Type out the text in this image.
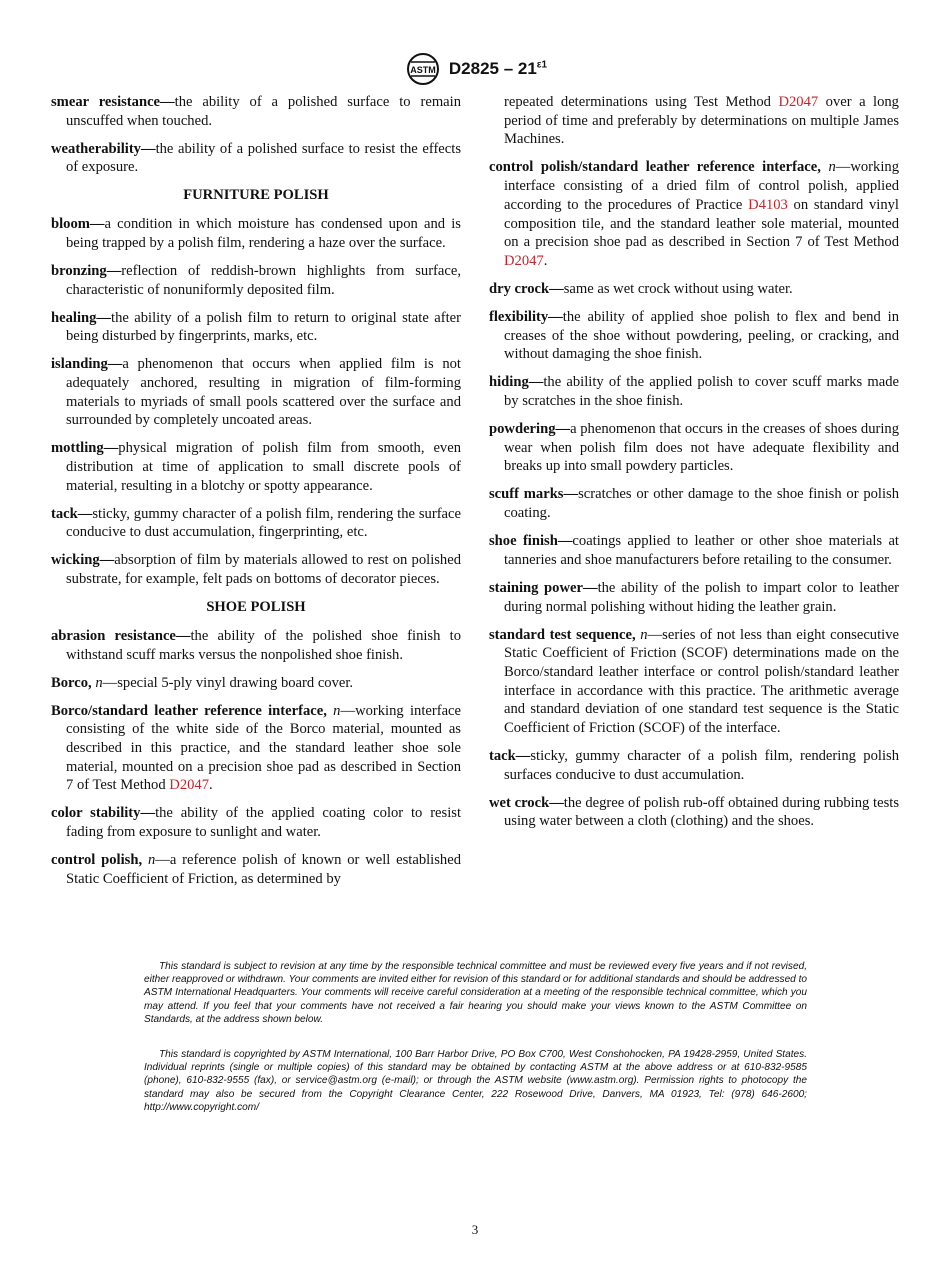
ASTM $D2825 - 21^{\varepsilon 1}$

smear resistance—the ability of a polished surface to remain unscuffed when touched.

weatherability—the ability of a polished surface to resist the effects of exposure.

FURNITURE POLISH

bloom—a condition in which moisture has condensed upon and is being trapped by a polish film, rendering a haze over the surface.

bronzing—reflection of reddish-brown highlights from surface, characteristic of nonuniformly deposited film.

healing—the ability of a polish film to return to original state after being disturbed by fingerprints, marks, etc.

islanding—a phenomenon that occurs when applied film is not adequately anchored, resulting in migration of film-forming materials to myriads of small pools scattered over the surface and surrounded by completely uncoated areas.

mottling—physical migration of polish film from smooth, even distribution at time of application to small discrete pools of material, resulting in a blotchy or spotty appearance.

tack—sticky, gummy character of a polish film, rendering the surface conducive to dust accumulation, fingerprinting, etc.

wicking—absorption of film by materials allowed to rest on polished substrate, for example, felt pads on bottoms of decorator pieces.

SHOE POLISH

abrasion resistance—the ability of the polished shoe finish to withstand scuff marks versus the nonpolished shoe finish.

Borco, n—special 5-ply vinyl drawing board cover.

Borco/standard leather reference interface, n—working interface consisting of the white side of the Borco material, mounted as described in this practice, and the standard leather shoe sole material, mounted on a precision shoe pad as described in Section 7 of Test Method D2047.

color stability—the ability of the applied coating color to resist fading from exposure to sunlight and water.

control polish, n—a reference polish of known or well established Static Coefficient of Friction, as determined by

repeated determinations using Test Method D2047 over a long period of time and preferably by determinations on multiple James Machines.

control polish/standard leather reference interface, n—working interface consisting of a dried film of control polish, applied according to the procedures of Practice D4103 on standard vinyl composition tile, and the standard leather sole material, mounted on a precision shoe pad as described in Section 7 of Test Method D2047.

dry crock—same as wet crock without using water.

flexibility—the ability of applied shoe polish to flex and bend in creases of the shoe without powdering, peeling, or cracking, and without damaging the shoe finish.

hiding—the ability of the applied polish to cover scuff marks made by scratches in the shoe finish.

powdering—a phenomenon that occurs in the creases of shoes during wear when polish film does not have adequate flexibility and breaks up into small powdery particles.

scuff marks—scratches or other damage to the shoe finish or polish coating.

shoe finish—coatings applied to leather or other shoe materials at tanneries and shoe manufacturers before retailing to the consumer.

staining power—the ability of the polish to impart color to leather during normal polishing without hiding the leather grain.

standard test sequence, n—series of not less than eight consecutive Static Coefficient of Friction (SCOF) determinations made on the Borco/standard leather interface or control polish/standard leather interface in accordance with this practice. The arithmetic average and standard deviation of one standard test sequence is the Static Coefficient of Friction (SCOF) of the interface.

tack—sticky, gummy character of a polish film, rendering polish surfaces conducive to dust accumulation.

wet crock—the degree of polish rub-off obtained during rubbing tests using water between a cloth (clothing) and the shoes.

This standard is subject to revision at any time by the responsible technical committee and must be reviewed every five years and if not revised, either reapproved or withdrawn. Your comments are invited either for revision of this standard or for additional standards and should be addressed to ASTM International Headquarters. Your comments will receive careful consideration at a meeting of the responsible technical committee, which you may attend. If you feel that your comments have not received a fair hearing you should make your views known to the ASTM Committee on Standards, at the address shown below.

This standard is copyrighted by ASTM International, 100 Barr Harbor Drive, PO Box C700, West Conshohocken, PA 19428-2959, United States. Individual reprints (single or multiple copies) of this standard may be obtained by contacting ASTM at the above address or at 610-832-9585 (phone), 610-832-9555 (fax), or service@astm.org (e-mail); or through the ASTM website (www.astm.org). Permission rights to photocopy the standard may also be secured from the Copyright Clearance Center, 222 Rosewood Drive, Danvers, MA 01923, Tel: (978) 646-2600; http://www.copyright.com/

3
